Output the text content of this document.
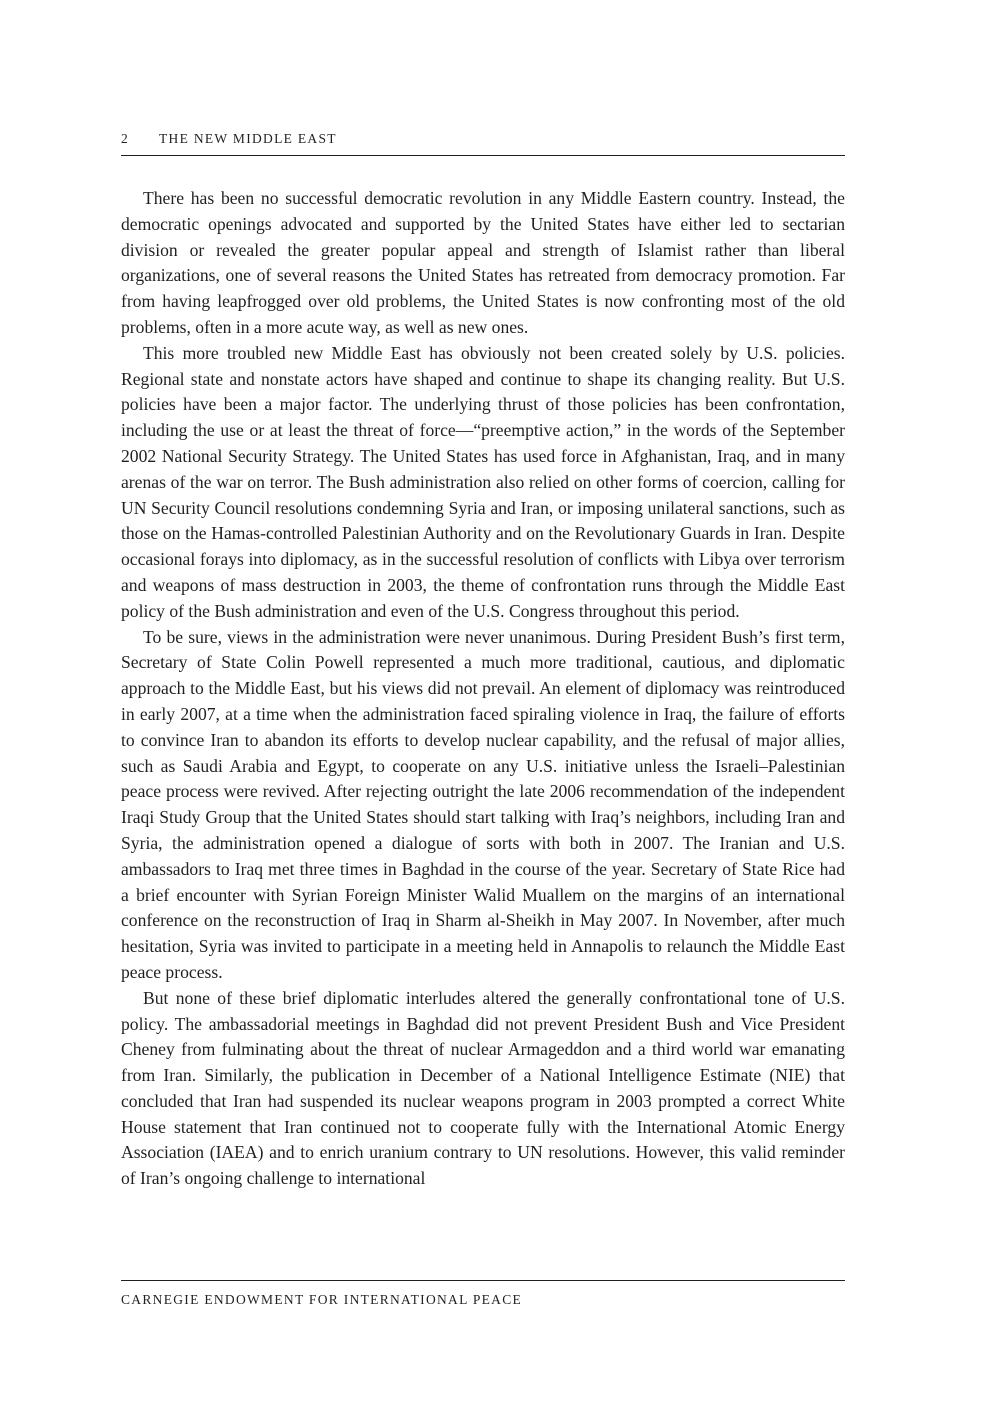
2 THE NEW MIDDLE EAST

There has been no successful democratic revolution in any Middle Eastern country. Instead, the democratic openings advocated and supported by the United States have either led to sectarian division or revealed the greater popular appeal and strength of Islamist rather than liberal organizations, one of several reasons the United States has retreated from democracy promotion. Far from having leapfrogged over old problems, the United States is now confronting most of the old problems, often in a more acute way, as well as new ones.

This more troubled new Middle East has obviously not been created solely by U.S. policies. Regional state and nonstate actors have shaped and continue to shape its changing reality. But U.S. policies have been a major factor. The underlying thrust of those policies has been confrontation, including the use or at least the threat of force—“preemptive action,” in the words of the September 2002 National Security Strategy. The United States has used force in Afghanistan, Iraq, and in many arenas of the war on terror. The Bush administration also relied on other forms of coercion, calling for UN Security Council resolutions condemning Syria and Iran, or imposing unilateral sanctions, such as those on the Hamas-controlled Palestinian Authority and on the Revolutionary Guards in Iran. Despite occasional forays into diplomacy, as in the successful resolution of conflicts with Libya over terrorism and weapons of mass destruction in 2003, the theme of confrontation runs through the Middle East policy of the Bush administration and even of the U.S. Congress throughout this period.

To be sure, views in the administration were never unanimous. During President Bush’s first term, Secretary of State Colin Powell represented a much more traditional, cautious, and diplomatic approach to the Middle East, but his views did not prevail. An element of diplomacy was reintroduced in early 2007, at a time when the administration faced spiraling violence in Iraq, the failure of efforts to convince Iran to abandon its efforts to develop nuclear capability, and the refusal of major allies, such as Saudi Arabia and Egypt, to cooperate on any U.S. initiative unless the Israeli–Palestinian peace process were revived. After rejecting outright the late 2006 recommendation of the independent Iraqi Study Group that the United States should start talking with Iraq’s neighbors, including Iran and Syria, the administration opened a dialogue of sorts with both in 2007. The Iranian and U.S. ambassadors to Iraq met three times in Baghdad in the course of the year. Secretary of State Rice had a brief encounter with Syrian Foreign Minister Walid Muallem on the margins of an international conference on the reconstruction of Iraq in Sharm al-Sheikh in May 2007. In November, after much hesitation, Syria was invited to participate in a meeting held in Annapolis to relaunch the Middle East peace process.

But none of these brief diplomatic interludes altered the generally confrontational tone of U.S. policy. The ambassadorial meetings in Baghdad did not prevent President Bush and Vice President Cheney from fulminating about the threat of nuclear Armageddon and a third world war emanating from Iran. Similarly, the publication in December of a National Intelligence Estimate (NIE) that concluded that Iran had suspended its nuclear weapons program in 2003 prompted a correct White House statement that Iran continued not to cooperate fully with the International Atomic Energy Association (IAEA) and to enrich uranium contrary to UN resolutions. However, this valid reminder of Iran’s ongoing challenge to international

CARNEGIE ENDOWMENT FOR INTERNATIONAL PEACE
